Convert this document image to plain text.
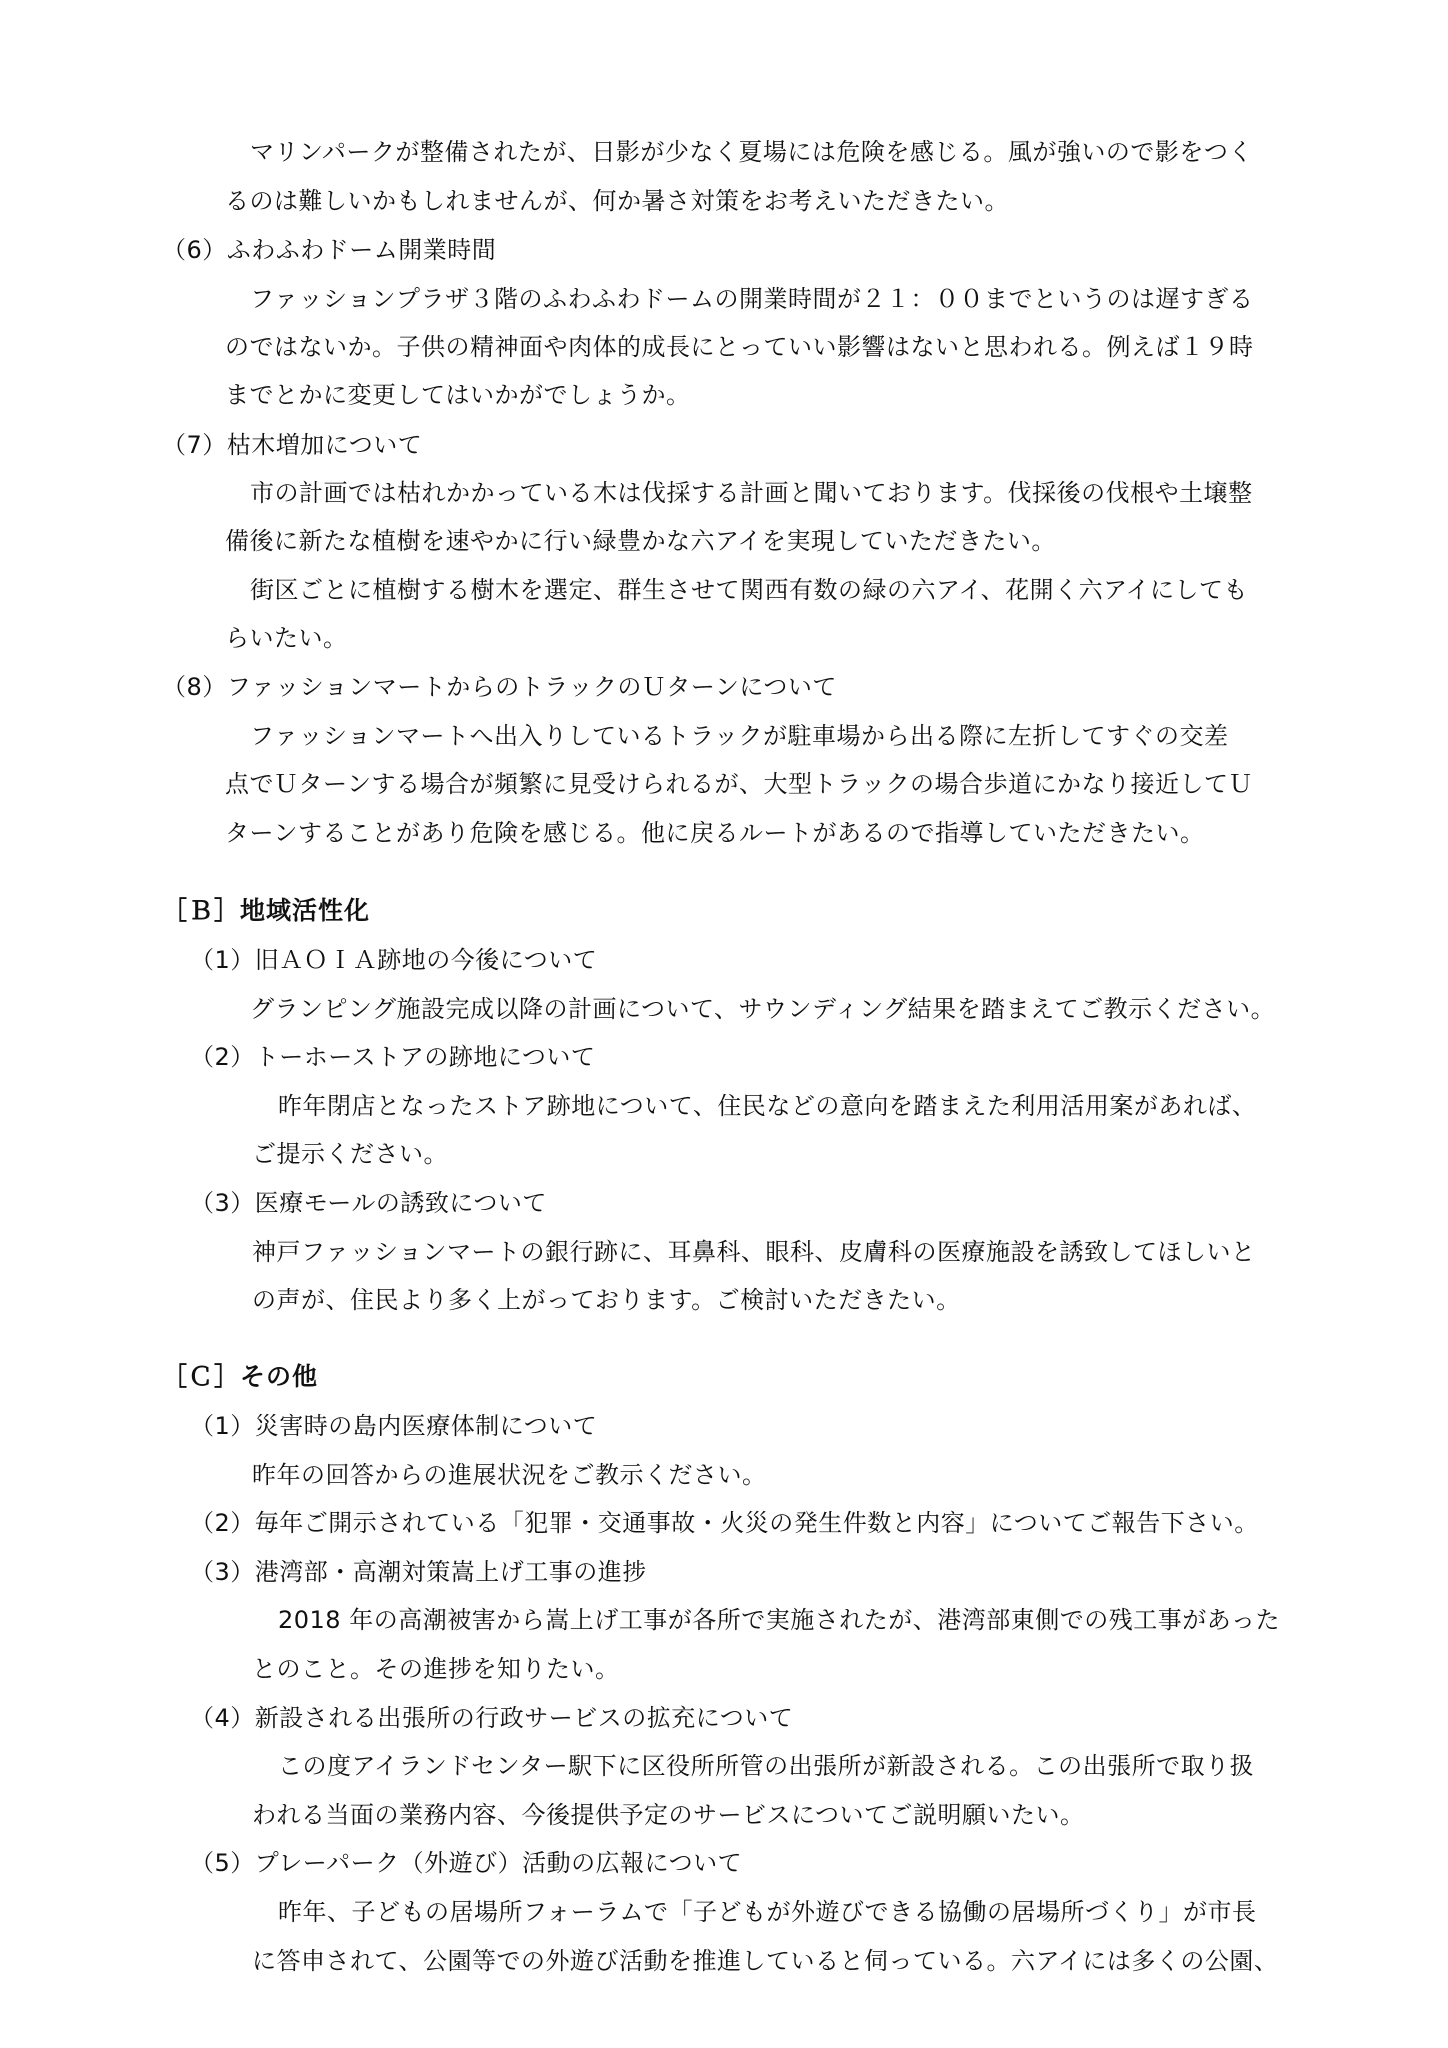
マリンパークが整備されたが、日影が少なく夏場には危険を感じる。風が強いので影をつく
るのは難しいかもしれませんが、何か暑さ対策をお考えいただきたい。
（6）ふわふわドーム開業時間
ファッションプラザ３階のふわふわドームの開業時間が２１：００までというのは遅すぎる
のではないか。子供の精神面や肉体的成長にとっていい影響はないと思われる。例えば１９時
までとかに変更してはいかがでしょうか。
（7）枯木増加について
市の計画では枯れかかっている木は伐採する計画と聞いております。伐採後の伐根や土壌整
備後に新たな植樹を速やかに行い緑豊かな六アイを実現していただきたい。
街区ごとに植樹する樹木を選定、群生させて関西有数の緑の六アイ、花開く六アイにしても
らいたい。
（8）ファッションマートからのトラックのＵターンについて
ファッションマートへ出入りしているトラックが駐車場から出る際に左折してすぐの交差
点でＵターンする場合が頻繁に見受けられるが、大型トラックの場合歩道にかなり接近してＵ
ターンすることがあり危険を感じる。他に戻るルートがあるので指導していただきたい。
［Ｂ］地域活性化
（1）旧ＡＯＩＡ跡地の今後について
グランピング施設完成以降の計画について、サウンディング結果を踏まえてご教示ください。
（2）トーホーストアの跡地について
昨年閉店となったストア跡地について、住民などの意向を踏まえた利用活用案があれば、
ご提示ください。
（3）医療モールの誘致について
神戸ファッションマートの銀行跡に、耳鼻科、眼科、皮膚科の医療施設を誘致してほしいと
の声が、住民より多く上がっております。ご検討いただきたい。
［Ｃ］その他
（1）災害時の島内医療体制について
昨年の回答からの進展状況をご教示ください。
（2）毎年ご開示されている「犯罪・交通事故・火災の発生件数と内容」についてご報告下さい。
（3）港湾部・高潮対策嵩上げ工事の進捗
2018 年の高潮被害から嵩上げ工事が各所で実施されたが、港湾部東側での残工事があった
とのこと。その進捗を知りたい。
（4）新設される出張所の行政サービスの拡充について
この度アイランドセンター駅下に区役所所管の出張所が新設される。この出張所で取り扱
われる当面の業務内容、今後提供予定のサービスについてご説明願いたい。
（5）プレーパーク（外遊び）活動の広報について
昨年、子どもの居場所フォーラムで「子どもが外遊びできる協働の居場所づくり」が市長
に答申されて、公園等での外遊び活動を推進していると伺っている。六アイには多くの公園、
